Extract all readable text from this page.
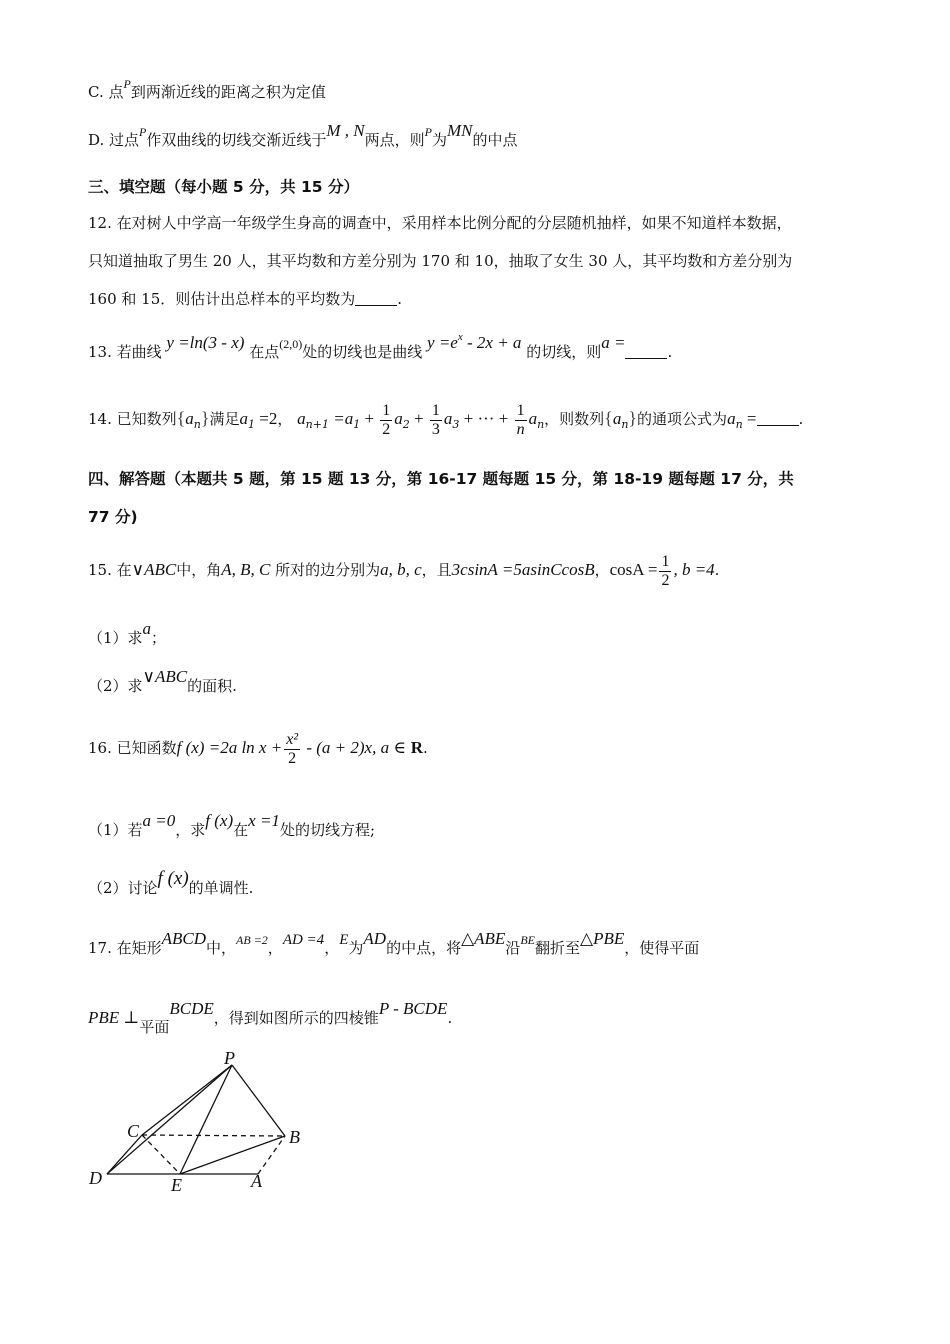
C. 点$^P$到两渐近线的距离之积为定值
D. 过点$^P$作双曲线的切线交渐近线于M , N两点，则$^P$为MN的中点
三、填空题（每小题 5 分，共 15 分）
12. 在对树人中学高一年级学生身高的调查中，采用样本比例分配的分层随机抽样，如果不知道样本数据，
只知道抽取了男生 20 人，其平均数和方差分别为 170 和 10，抽取了女生 30 人，其平均数和方差分别为
160 和 15．则估计出总样本的平均数为	.
13. 若曲线 y =ln(3 - x) 在点$^{(2,0)}$处的切线也是曲线 $y =e^x - 2x + a$ 的切线，则a =	.
14. 已知数列$\{a_n\}$满足$a_1 =2$， $a_{n+1} =a_1 + \frac{1}{2} a_2 + \frac{1}{3} a_3$ + ··· + $\frac{1}{n} a_n$，则数列$\{a_n\}$的通项公式为$a_n$ =	.
四、解答题（本题共 5 题，第 15 题 13 分，第 16-17 题每题 15 分，第 18-19 题每题 17 分，共
77 分)
15. 在∨ABC中，角A, B, C 所对的边分别为a, b, c，且3csinA =5asinCcosB，$\cos A = \frac{1}{2}$ , b =4.
（1）求a；
（2）求∨ABC的面积.
16. 已知函数f (x) =2a $\ln x + \frac{\text{x²}}{2} - (a + 2)x$, a ∈ R.
（1）若a =0，求f (x)在x =1处的切线方程;
（2）讨论f (x)的单调性.
17. 在矩形ABCD中，$^{AB =2}$，AD =4，E为AD的中点，将△ABE沿$^{BE}$翻折至△PBE，使得平面
PBE ⊥平面BCDE，得到如图所示的四棱锥P - BCDE.
P
C	B
D	E	A
